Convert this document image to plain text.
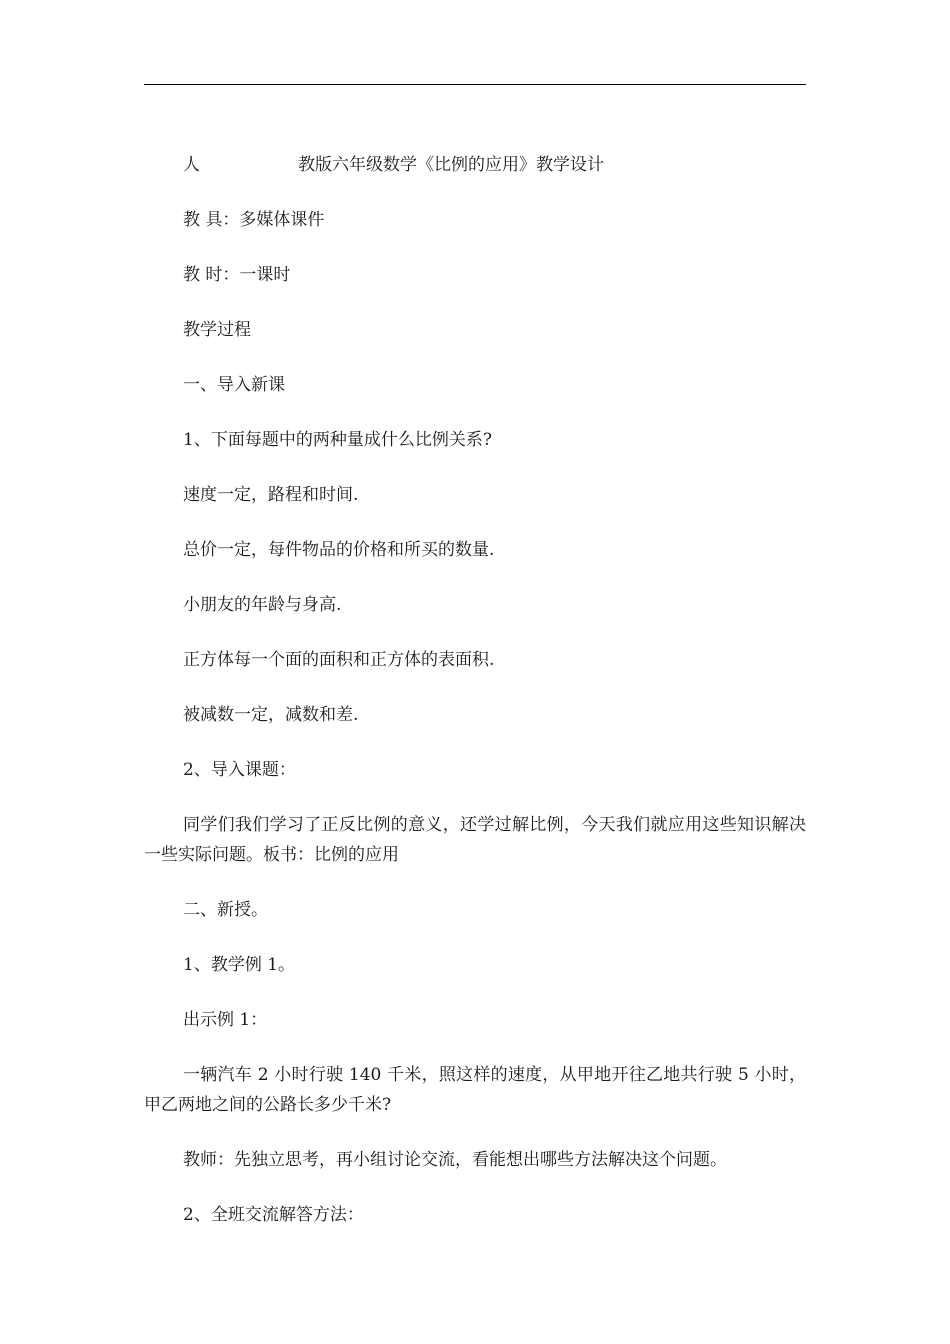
人	教版六年级数学《比例的应用》教学设计

教 具：多媒体课件

教 时：一课时

教学过程

一、导入新课

1、下面每题中的两种量成什么比例关系?

速度一定，路程和时间.

总价一定，每件物品的价格和所买的数量.

小朋友的年龄与身高.

正方体每一个面的面积和正方体的表面积.

被减数一定，减数和差.

2、导入课题：

同学们我们学习了正反比例的意义，还学过解比例，今天我们就应用这些知识解决一些实际问题。板书：比例的应用

二、新授。

1、教学例 1。

出示例 1：

一辆汽车 2 小时行驶 140 千米，照这样的速度，从甲地开往乙地共行驶 5 小时，甲乙两地之间的公路长多少千米?

教师：先独立思考，再小组讨论交流，看能想出哪些方法解决这个问题。

2、全班交流解答方法：
